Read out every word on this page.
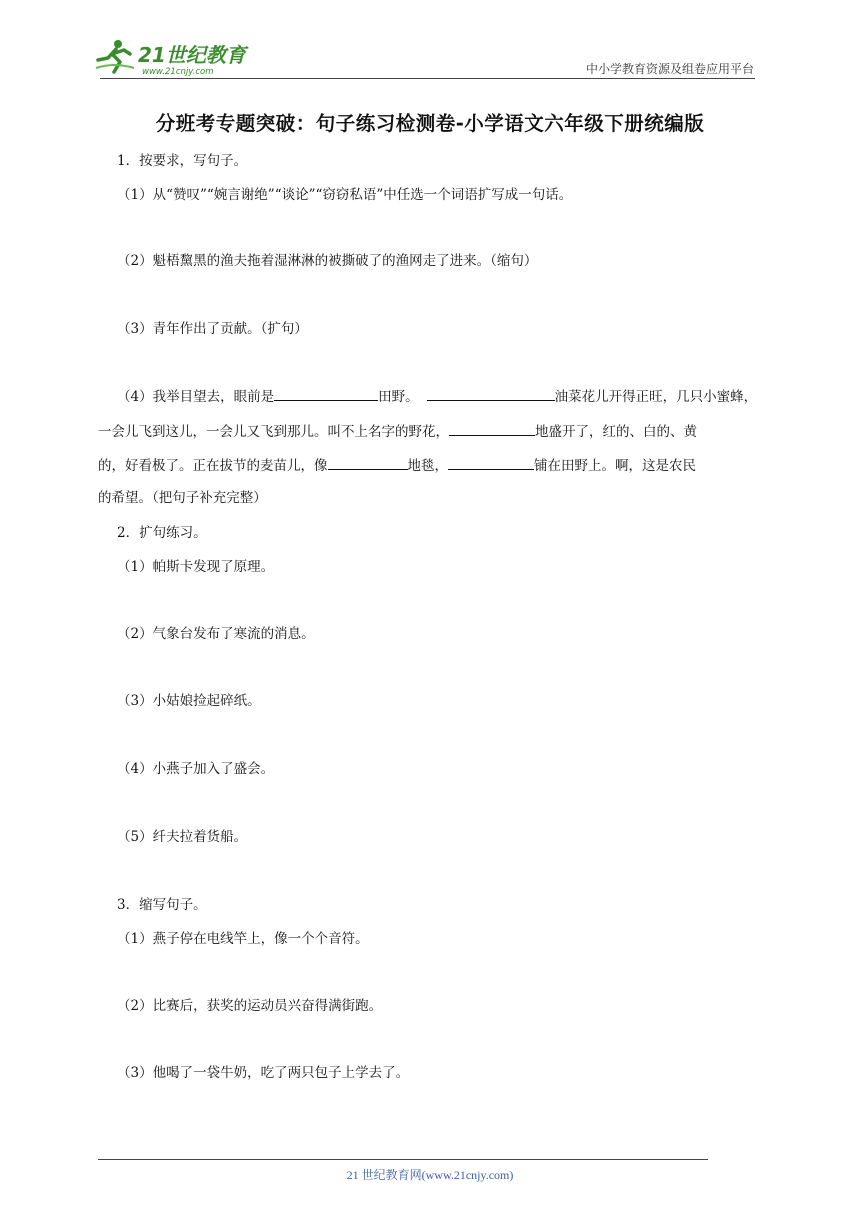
21世纪教育
www.21cnjy.com	中小学教育资源及组卷应用平台
分班考专题突破：句子练习检测卷-小学语文六年级下册统编版
1．按要求，写句子。
（1）从“赞叹”“婉言谢绝”“谈论”“窃窃私语”中任选一个词语扩写成一句话。
（2）魁梧黧黑的渔夫拖着湿淋淋的被撕破了的渔网走了进来。（缩句）
（3）青年作出了贡献。（扩句）
（4）我举目望去，眼前是	田野。	油菜花儿开得正旺，几只小蜜蜂，
一会儿飞到这儿，一会儿又飞到那儿。叫不上名字的野花，	地盛开了，红的、白的、黄
的，好看极了。正在拔节的麦苗儿，像	地毯，	铺在田野上。啊，这是农民
的希望。（把句子补充完整）
2．扩句练习。
（1）帕斯卡发现了原理。
（2）气象台发布了寒流的消息。
（3）小姑娘捡起碎纸。
（4）小燕子加入了盛会。
（5）纤夫拉着货船。
3．缩写句子。
（1）燕子停在电线竿上，像一个个音符。
（2）比赛后，获奖的运动员兴奋得满街跑。
（3）他喝了一袋牛奶，吃了两只包子上学去了。
21 世纪教育网(www.21cnjy.com)
